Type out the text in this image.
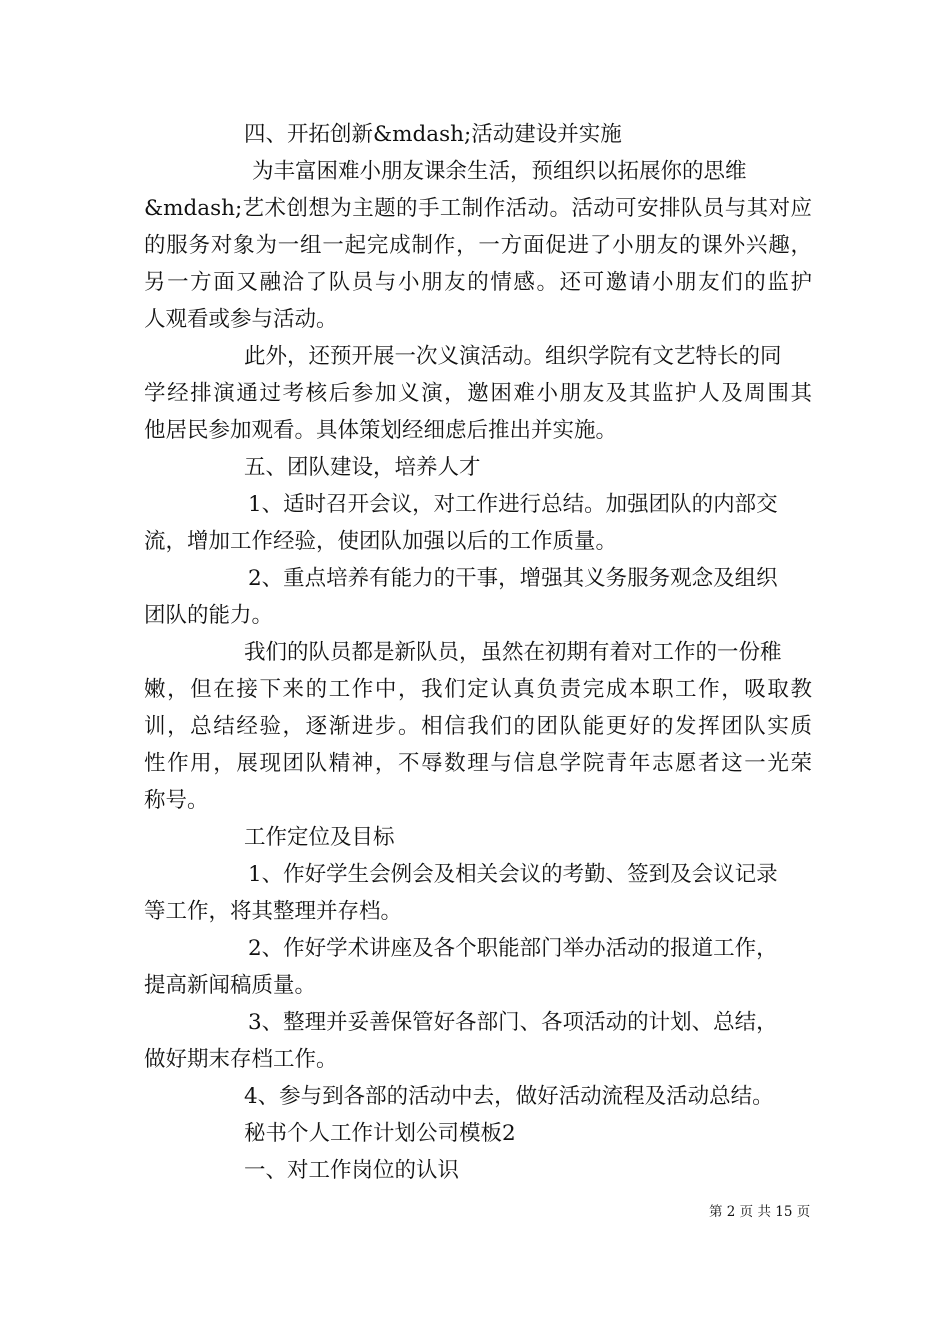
四、开拓创新&mdash;活动建设并实施
为丰富困难小朋友课余生活，预组织以拓展你的思维
&mdash;艺术创想为主题的手工制作活动。活动可安排队员与其对应
的服务对象为一组一起完成制作，一方面促进了小朋友的课外兴趣，
另一方面又融洽了队员与小朋友的情感。还可邀请小朋友们的监护
人观看或参与活动。
此外，还预开展一次义演活动。组织学院有文艺特长的同
学经排演通过考核后参加义演，邀困难小朋友及其监护人及周围其
他居民参加观看。具体策划经细虑后推出并实施。
五、团队建设，培养人才
1、适时召开会议，对工作进行总结。加强团队的内部交
流，增加工作经验，使团队加强以后的工作质量。
2、重点培养有能力的干事，增强其义务服务观念及组织
团队的能力。
我们的队员都是新队员，虽然在初期有着对工作的一份稚
嫩，但在接下来的工作中，我们定认真负责完成本职工作，吸取教
训，总结经验，逐渐进步。相信我们的团队能更好的发挥团队实质
性作用，展现团队精神，不辱数理与信息学院青年志愿者这一光荣
称号。
工作定位及目标
1、作好学生会例会及相关会议的考勤、签到及会议记录
等工作，将其整理并存档。
2、作好学术讲座及各个职能部门举办活动的报道工作，
提高新闻稿质量。
3、整理并妥善保管好各部门、各项活动的计划、总结，
做好期末存档工作。
4、参与到各部的活动中去，做好活动流程及活动总结。
秘书个人工作计划公司模板2
一、对工作岗位的认识
第 2 页 共 15 页
